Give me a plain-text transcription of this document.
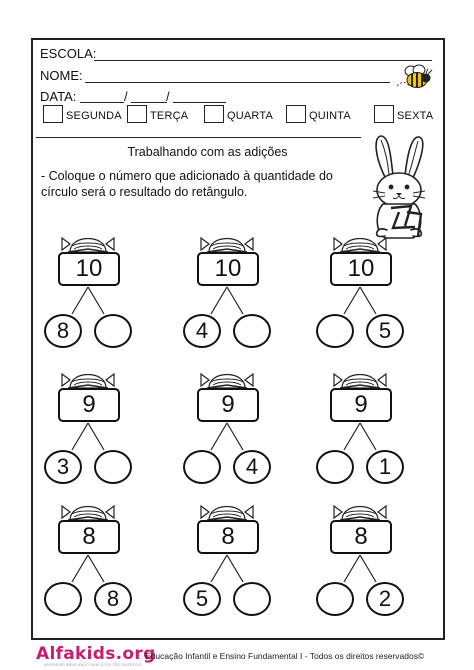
ESCOLA:
NOME:
DATA:	/	/
SEGUNDA	TERÇA	QUARTA	QUINTA	SEXTA
Trabalhando com as adições
- Coloque o número que adicionado à quantidade do círculo será o resultado do retângulo.
10
8
10
4
10
5
9
3
9
4
9
1
8
8
8
5
8
2
Alfakids.org
APRENDER BRINCANDO NUNCA FOI TÃO DIVERTIDO
Educação Infantil e Ensino Fundamental I - Todos os direitos reservados©
